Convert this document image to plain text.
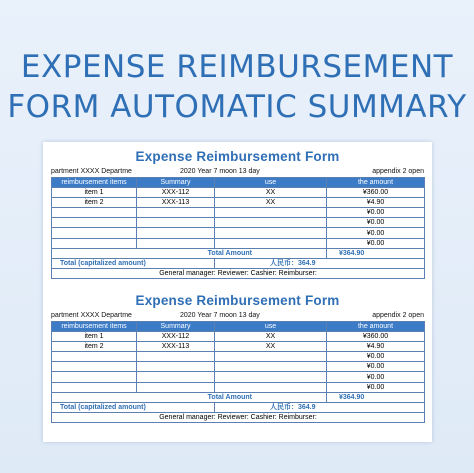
EXPENSE REIMBURSEMENT
FORM AUTOMATIC SUMMARY
Expense Reimbursement Form
partment XXXX Departme	2020 Year 7 moon 13 day	appendix 2 open
reimbursement items	Summary	use	the amount
item 1	XXX-112	XX	¥360.00
item 2	XXX-113	XX	¥4.90
			¥0.00
			¥0.00
			¥0.00
			¥0.00
Total Amount			¥364.90
Total (capitalized amount)		人民币：364.9	
General manager: Reviewer: Cashier: Reimburser:			
Expense Reimbursement Form
partment XXXX Departme	2020 Year 7 moon 13 day	appendix 2 open
reimbursement items	Summary	use	the amount
item 1	XXX-112	XX	¥360.00
item 2	XXX-113	XX	¥4.90
			¥0.00
			¥0.00
			¥0.00
			¥0.00
Total Amount			¥364.90
Total (capitalized amount)		人民币：364.9	
General manager: Reviewer: Cashier: Reimburser:			
